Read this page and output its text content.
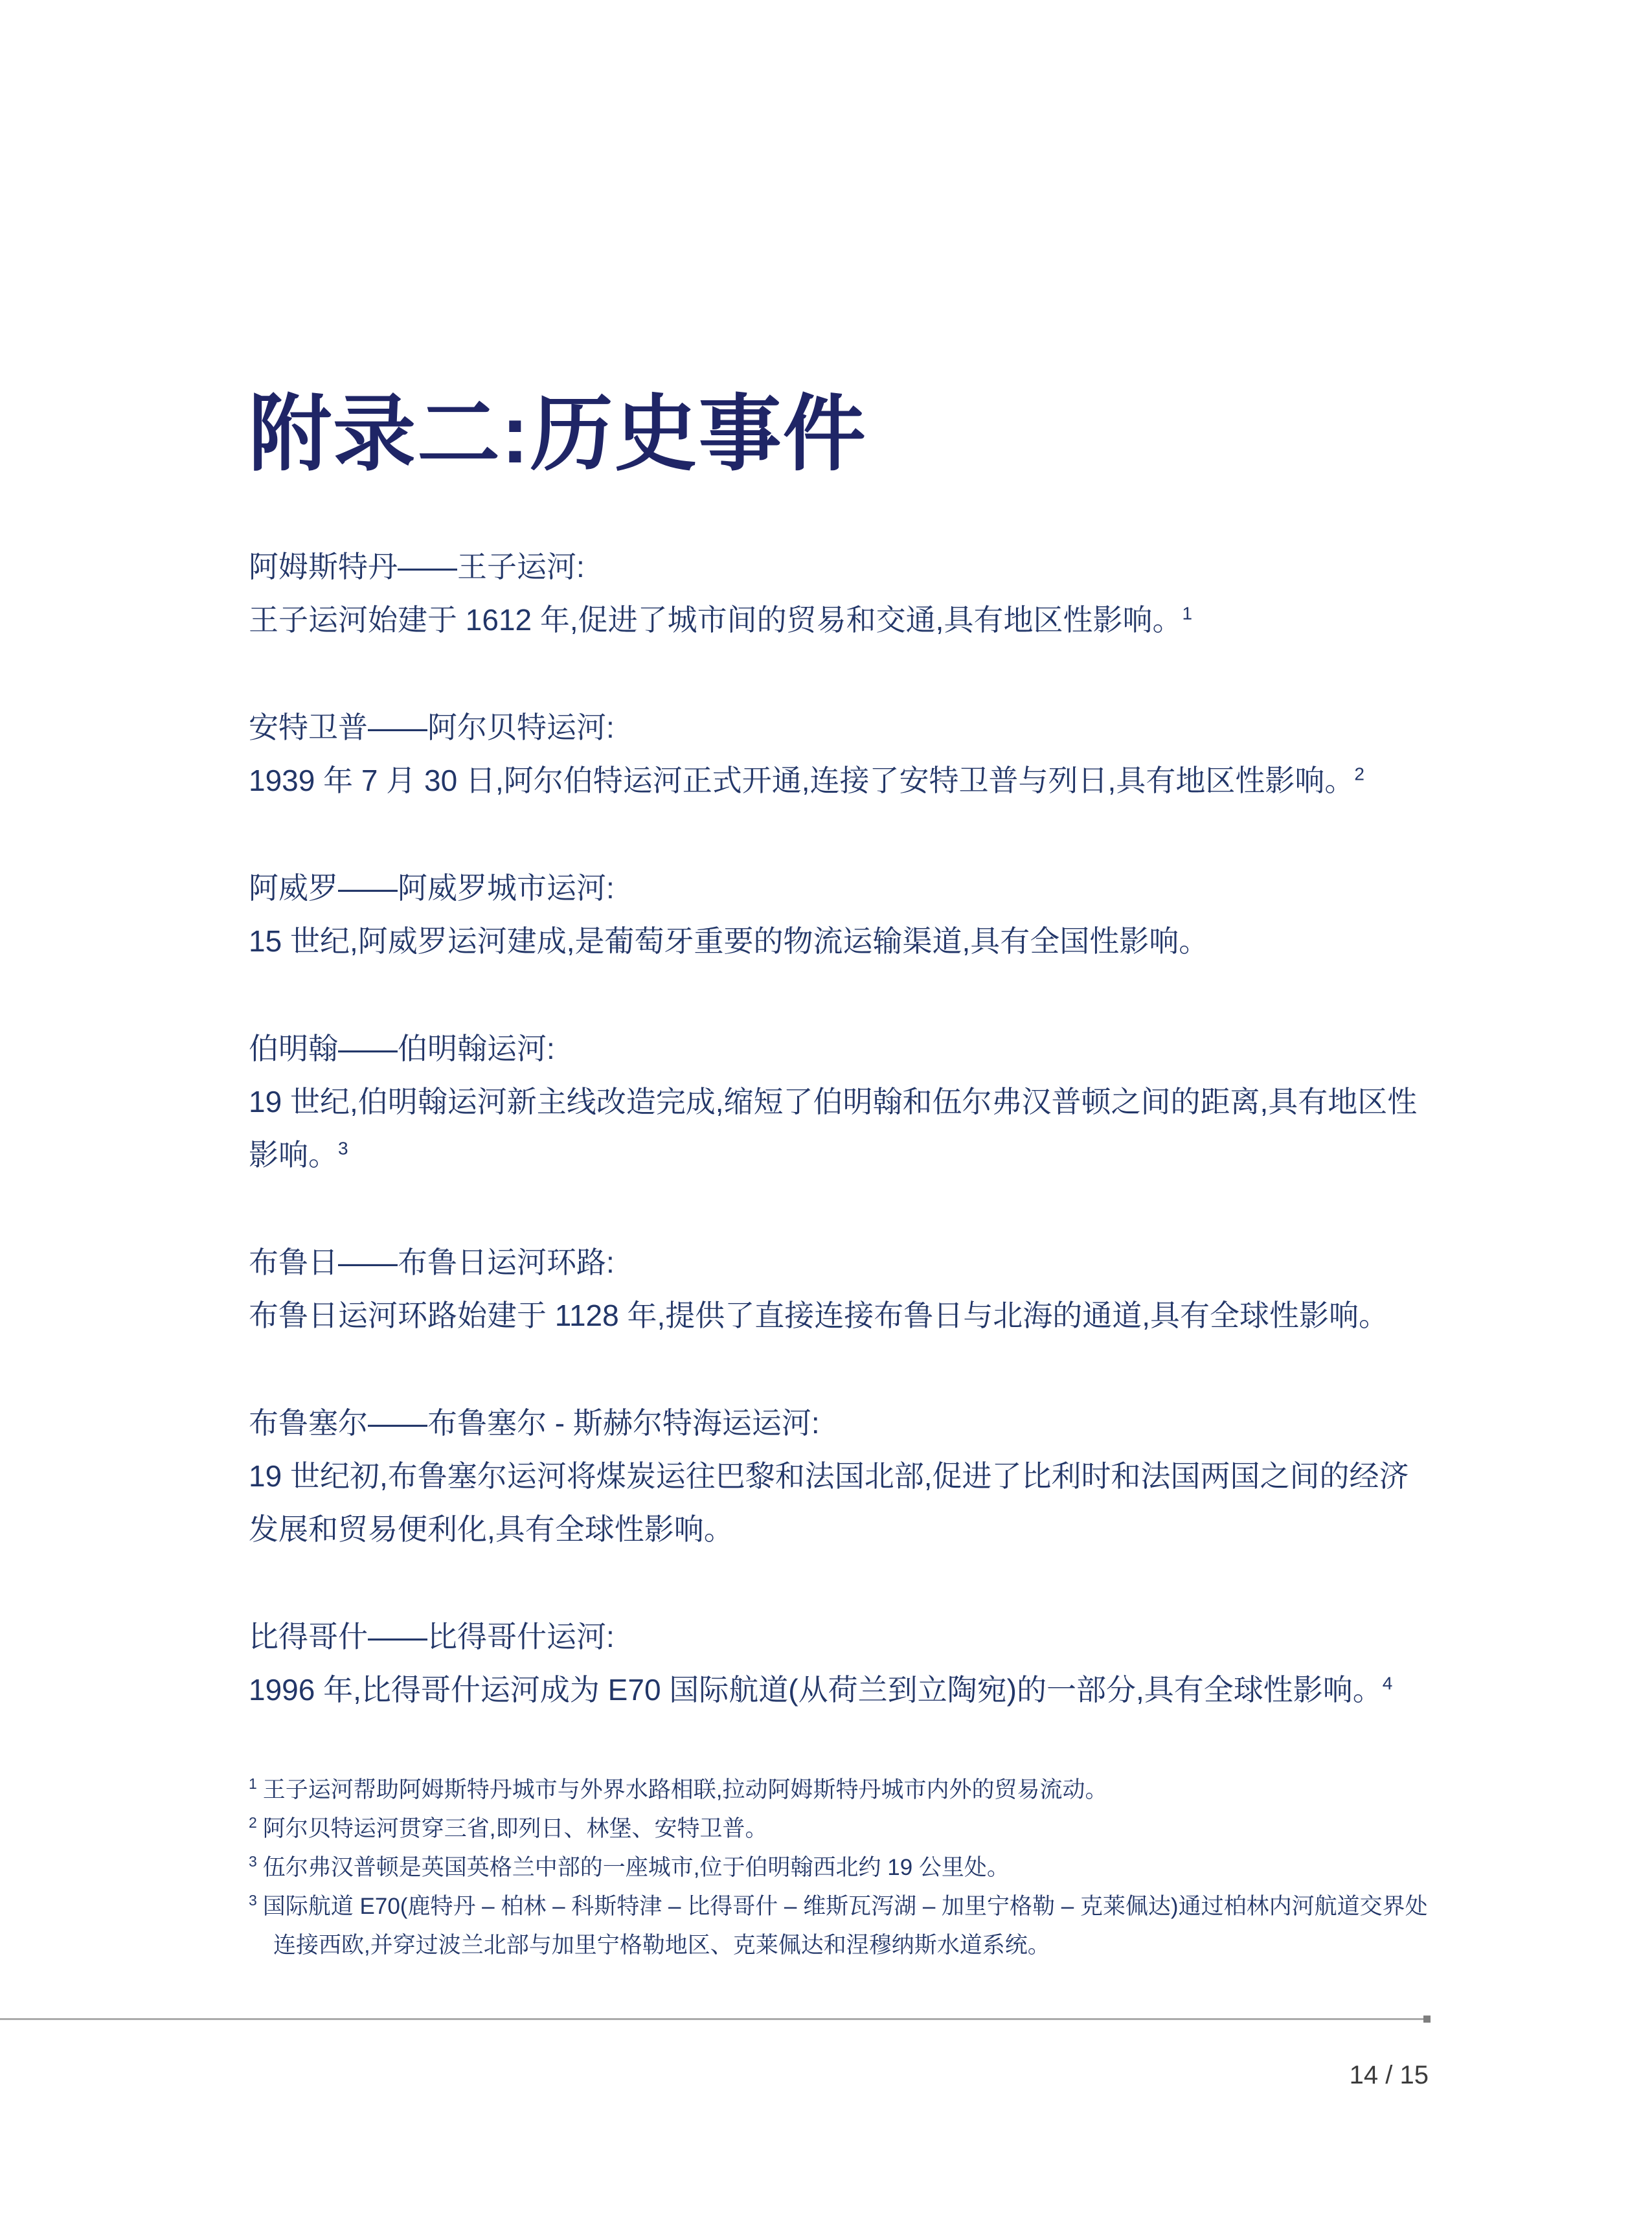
附录二:历史事件
阿姆斯特丹——王子运河:

王子运河始建于 1612 年,促进了城市间的贸易和交通,具有地区性影响。$^1$

安特卫普——阿尔贝特运河:

1939 年 7 月 30 日,阿尔伯特运河正式开通,连接了安特卫普与列日,具有地区性影响。$^2$

阿威罗——阿威罗城市运河:

15 世纪,阿威罗运河建成,是葡萄牙重要的物流运输渠道,具有全国性影响。

伯明翰——伯明翰运河:

19 世纪,伯明翰运河新主线改造完成,缩短了伯明翰和伍尔弗汉普顿之间的距离,具有地区性影响。$^3$

布鲁日——布鲁日运河环路:

布鲁日运河环路始建于 1128 年,提供了直接连接布鲁日与北海的通道,具有全球性影响。

布鲁塞尔——布鲁塞尔 - 斯赫尔特海运运河:

19 世纪初,布鲁塞尔运河将煤炭运往巴黎和法国北部,促进了比利时和法国两国之间的经济发展和贸易便利化,具有全球性影响。

比得哥什——比得哥什运河:

1996 年,比得哥什运河成为 E70 国际航道(从荷兰到立陶宛)的一部分,具有全球性影响。$^4$

$^1$ 王子运河帮助阿姆斯特丹城市与外界水路相联,拉动阿姆斯特丹城市内外的贸易流动。

$^2$ 阿尔贝特运河贯穿三省,即列日、林堡、安特卫普。

$^3$ 伍尔弗汉普顿是英国英格兰中部的一座城市,位于伯明翰西北约 19 公里处。

$^3$ 国际航道 E70(鹿特丹 – 柏林 – 科斯特津 – 比得哥什 – 维斯瓦泻湖 – 加里宁格勒 – 克莱佩达)通过柏林内河航道交界处连接西欧,并穿过波兰北部与加里宁格勒地区、克莱佩达和涅穆纳斯水道系统。

14 / 15
